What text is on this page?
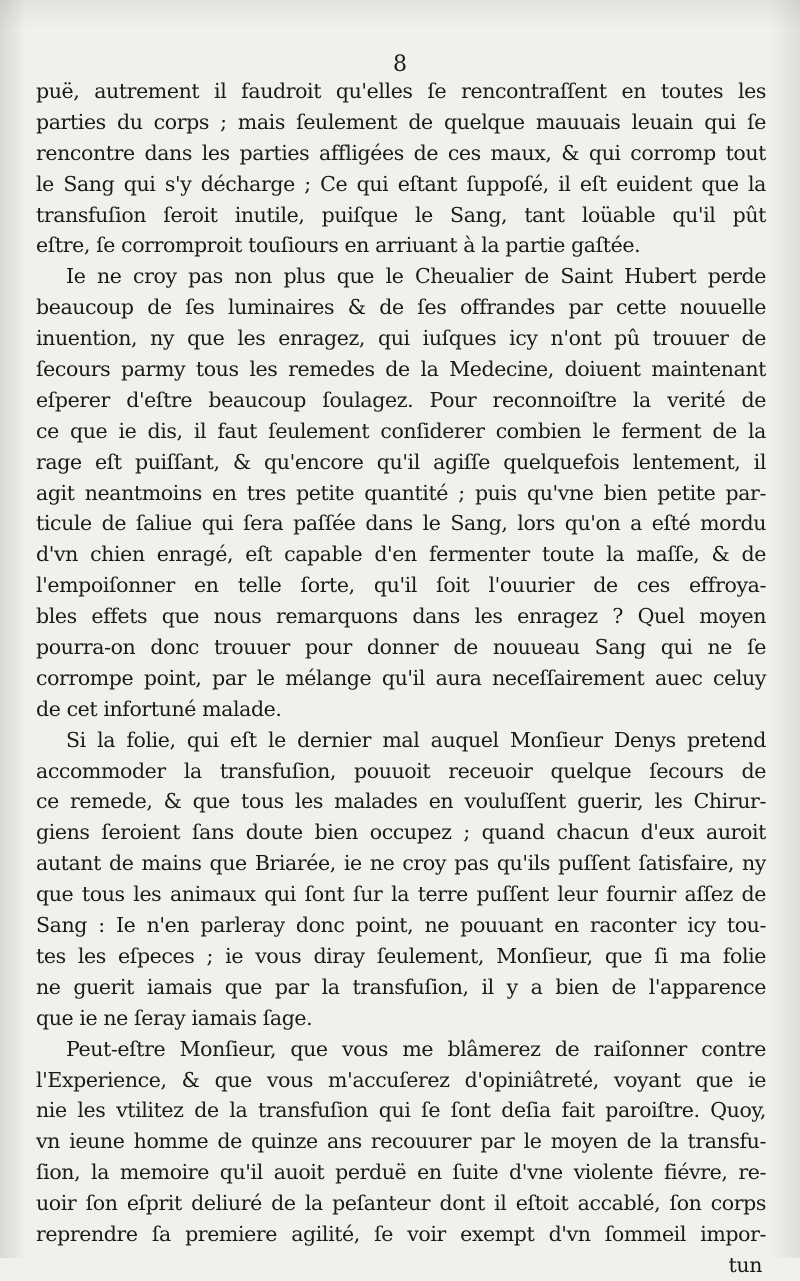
8
puë, autrement il faudroit qu'elles ſe rencontraſſent en toutes les
parties du corps ; mais ſeulement de quelque mauuais leuain qui ſe
rencontre dans les parties affligées de ces maux, & qui corromp tout
le Sang qui s'y décharge ; Ce qui eſtant ſuppoſé, il eſt euident que la
transfuſion ſeroit inutile, puiſque le Sang, tant loüable qu'il pût
eſtre, ſe corromproit touſiours en arriuant à la partie gaſtée.
Ie ne croy pas non plus que le Cheualier de Saint Hubert perde
beaucoup de ſes luminaires & de ſes offrandes par cette nouuelle
inuention, ny que les enragez, qui iuſques icy n'ont pû trouuer de
ſecours parmy tous les remedes de la Medecine, doiuent maintenant
eſperer d'eſtre beaucoup ſoulagez. Pour reconnoiſtre la verité de
ce que ie dis, il faut ſeulement conſiderer combien le ferment de la
rage eſt puiſſant, & qu'encore qu'il agiſſe quelquefois lentement, il
agit neantmoins en tres petite quantité ; puis qu'vne bien petite par-
ticule de ſaliue qui ſera paſſée dans le Sang, lors qu'on a eſté mordu
d'vn chien enragé, eſt capable d'en fermenter toute la maſſe, & de
l'empoiſonner en telle ſorte, qu'il ſoit l'ouurier de ces effroya-
bles effets que nous remarquons dans les enragez ? Quel moyen
pourra-on donc trouuer pour donner de nouueau Sang qui ne ſe
corrompe point, par le mélange qu'il aura neceſſairement auec celuy
de cet infortuné malade.
Si la folie, qui eſt le dernier mal auquel Monſieur Denys pretend
accommoder la transfuſion, pouuoit receuoir quelque ſecours de
ce remede, & que tous les malades en vouluſſent guerir, les Chirur-
giens ſeroient ſans doute bien occupez ; quand chacun d'eux auroit
autant de mains que Briarée, ie ne croy pas qu'ils puſſent ſatisfaire, ny
que tous les animaux qui ſont ſur la terre puſſent leur fournir aſſez de
Sang : Ie n'en parleray donc point, ne pouuant en raconter icy tou-
tes les eſpeces ; ie vous diray ſeulement, Monſieur, que ſi ma folie
ne guerit iamais que par la transfuſion, il y a bien de l'apparence
que ie ne ſeray iamais ſage.
Peut-eſtre Monſieur, que vous me blâmerez de raiſonner contre
l'Experience, & que vous m'accuſerez d'opiniâtreté, voyant que ie
nie les vtilitez de la transfuſion qui ſe ſont deſia fait paroiſtre. Quoy,
vn ieune homme de quinze ans recouurer par le moyen de la transfu-
ſion, la memoire qu'il auoit perduë en ſuite d'vne violente fiévre, re-
uoir ſon eſprit deliuré de la peſanteur dont il eſtoit accablé, ſon corps
reprendre ſa premiere agilité, ſe voir exempt d'vn ſommeil impor-
tun
